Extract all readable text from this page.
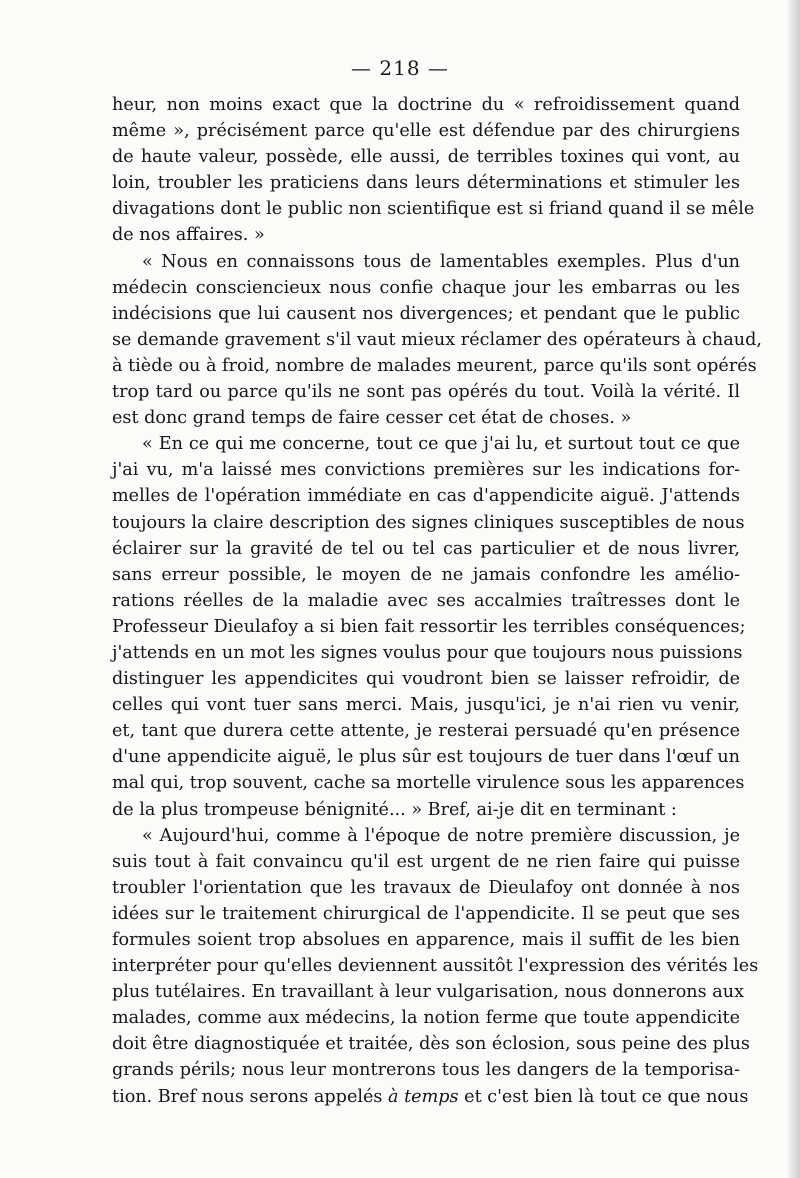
— 218 —
heur, non moins exact que la doctrine du « refroidissement quand
même », précisément parce qu'elle est défendue par des chirurgiens
de haute valeur, possède, elle aussi, de terribles toxines qui vont, au
loin, troubler les praticiens dans leurs déterminations et stimuler les
divagations dont le public non scientifique est si friand quand il se mêle
de nos affaires. »
« Nous en connaissons tous de lamentables exemples. Plus d'un
médecin consciencieux nous confie chaque jour les embarras ou les
indécisions que lui causent nos divergences; et pendant que le public
se demande gravement s'il vaut mieux réclamer des opérateurs à chaud,
à tiède ou à froid, nombre de malades meurent, parce qu'ils sont opérés
trop tard ou parce qu'ils ne sont pas opérés du tout. Voilà la vérité. Il
est donc grand temps de faire cesser cet état de choses. »
« En ce qui me concerne, tout ce que j'ai lu, et surtout tout ce que
j'ai vu, m'a laissé mes convictions premières sur les indications for-
melles de l'opération immédiate en cas d'appendicite aiguë. J'attends
toujours la claire description des signes cliniques susceptibles de nous
éclairer sur la gravité de tel ou tel cas particulier et de nous livrer,
sans erreur possible, le moyen de ne jamais confondre les amélio-
rations réelles de la maladie avec ses accalmies traîtresses dont le
Professeur Dieulafoy a si bien fait ressortir les terribles conséquences;
j'attends en un mot les signes voulus pour que toujours nous puissions
distinguer les appendicites qui voudront bien se laisser refroidir, de
celles qui vont tuer sans merci. Mais, jusqu'ici, je n'ai rien vu venir,
et, tant que durera cette attente, je resterai persuadé qu'en présence
d'une appendicite aiguë, le plus sûr est toujours de tuer dans l'œuf un
mal qui, trop souvent, cache sa mortelle virulence sous les apparences
de la plus trompeuse bénignité... » Bref, ai-je dit en terminant :
« Aujourd'hui, comme à l'époque de notre première discussion, je
suis tout à fait convaincu qu'il est urgent de ne rien faire qui puisse
troubler l'orientation que les travaux de Dieulafoy ont donnée à nos
idées sur le traitement chirurgical de l'appendicite. Il se peut que ses
formules soient trop absolues en apparence, mais il suffit de les bien
interpréter pour qu'elles deviennent aussitôt l'expression des vérités les
plus tutélaires. En travaillant à leur vulgarisation, nous donnerons aux
malades, comme aux médecins, la notion ferme que toute appendicite
doit être diagnostiquée et traitée, dès son éclosion, sous peine des plus
grands périls; nous leur montrerons tous les dangers de la temporisa-
tion. Bref nous serons appelés à temps et c'est bien là tout ce que nous
